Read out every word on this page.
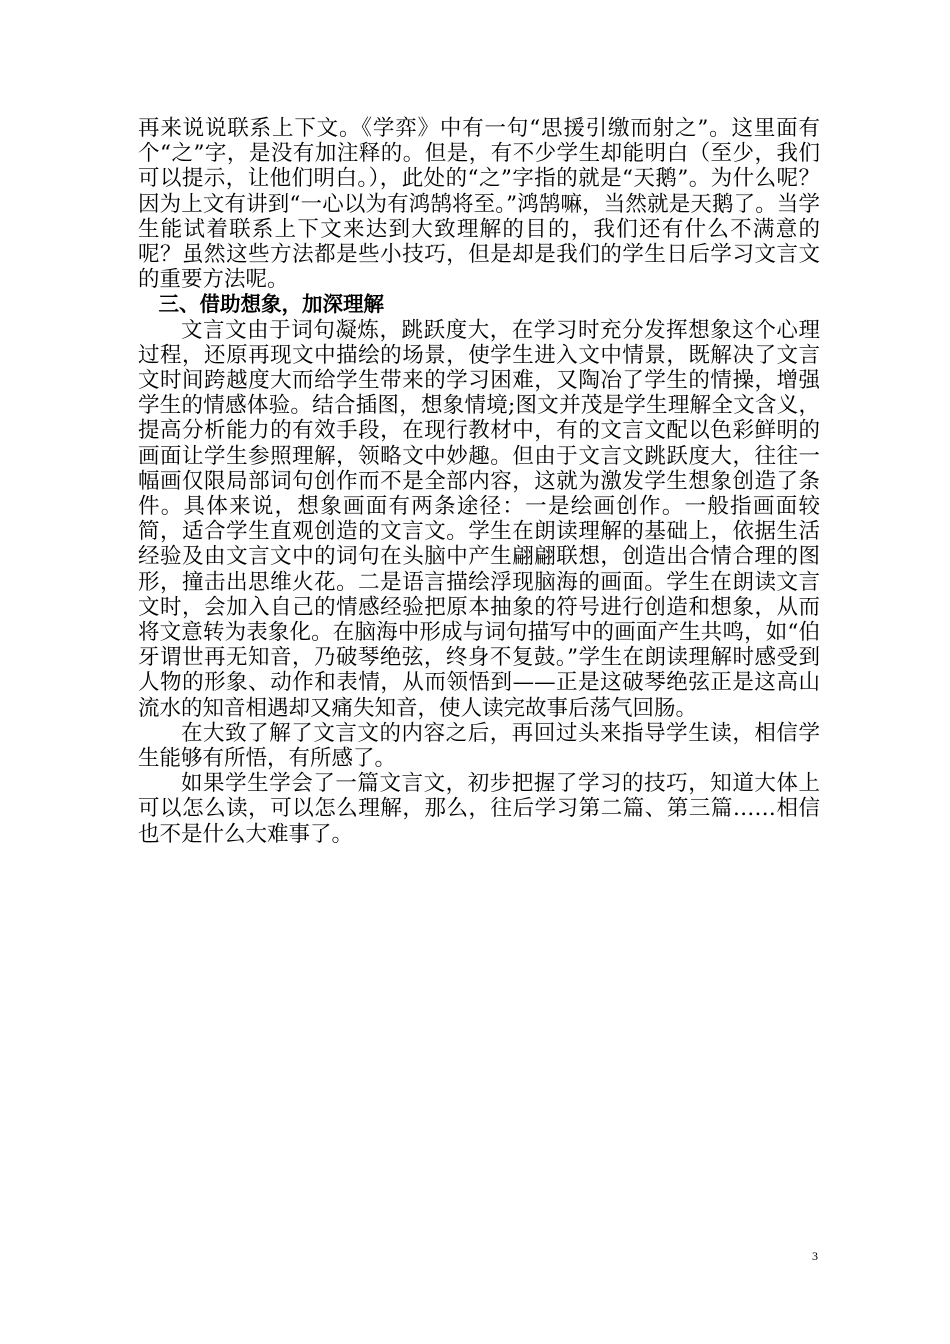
再来说说联系上下文。《学弈》中有一句“思援引缴而射之”。这里面有个“之”字，是没有加注释的。但是，有不少学生却能明白（至少，我们可以提示，让他们明白。），此处的“之”字指的就是“天鹅”。为什么呢？因为上文有讲到“一心以为有鸿鹄将至。”鸿鹄嘛，当然就是天鹅了。当学生能试着联系上下文来达到大致理解的目的，我们还有什么不满意的呢？虽然这些方法都是些小技巧，但是却是我们的学生日后学习文言文的重要方法呢。

三、借助想象，加深理解

文言文由于词句凝炼，跳跃度大，在学习时充分发挥想象这个心理过程，还原再现文中描绘的场景，使学生进入文中情景，既解决了文言文时间跨越度大而给学生带来的学习困难，又陶冶了学生的情操，增强学生的情感体验。结合插图，想象情境;图文并茂是学生理解全文含义，提高分析能力的有效手段，在现行教材中，有的文言文配以色彩鲜明的画面让学生参照理解，领略文中妙趣。但由于文言文跳跃度大，往往一幅画仅限局部词句创作而不是全部内容，这就为激发学生想象创造了条件。具体来说，想象画面有两条途径：一是绘画创作。一般指画面较简，适合学生直观创造的文言文。学生在朗读理解的基础上，依据生活经验及由文言文中的词句在头脑中产生翩翩联想，创造出合情合理的图形，撞击出思维火花。二是语言描绘浮现脑海的画面。学生在朗读文言文时，会加入自己的情感经验把原本抽象的符号进行创造和想象，从而将文意转为表象化。在脑海中形成与词句描写中的画面产生共鸣，如“伯牙谓世再无知音，乃破琴绝弦，终身不复鼓。”学生在朗读理解时感受到人物的形象、动作和表情，从而领悟到——正是这破琴绝弦正是这高山流水的知音相遇却又痛失知音，使人读完故事后荡气回肠。

在大致了解了文言文的内容之后，再回过头来指导学生读，相信学生能够有所悟，有所感了。

如果学生学会了一篇文言文，初步把握了学习的技巧，知道大体上可以怎么读，可以怎么理解，那么，往后学习第二篇、第三篇……相信也不是什么大难事了。

3
